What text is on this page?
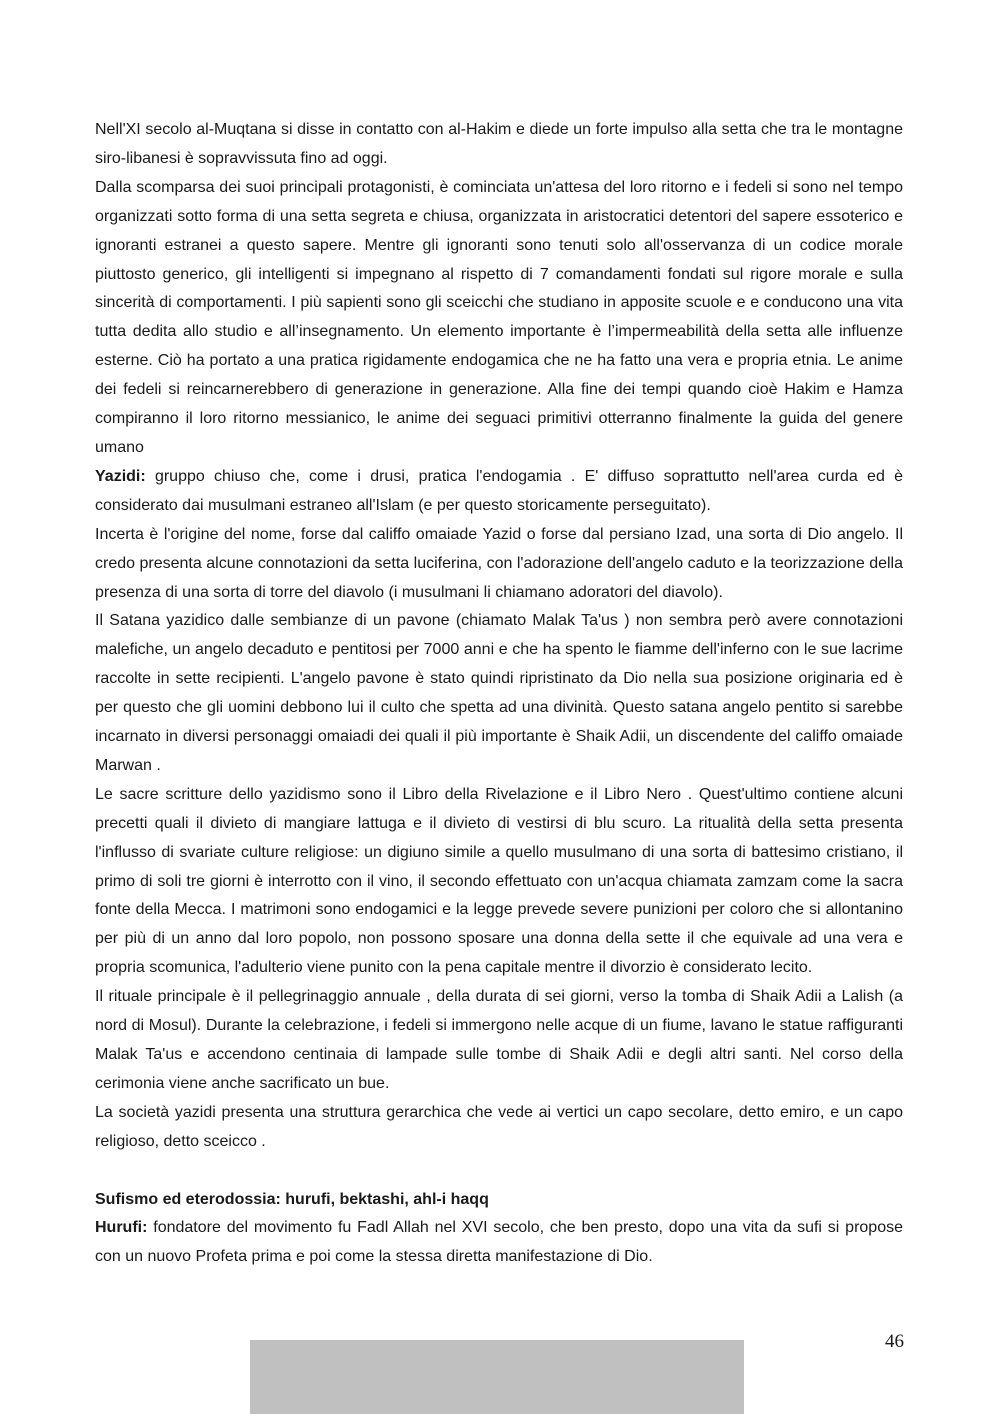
Nell'XI secolo al-Muqtana si disse in contatto con al-Hakim e diede un forte impulso alla setta che tra le montagne siro-libanesi è sopravvissuta fino ad oggi.

Dalla scomparsa dei suoi principali protagonisti, è cominciata un'attesa del loro ritorno e i fedeli si sono nel tempo organizzati sotto forma di una setta segreta e chiusa, organizzata in aristocratici detentori del sapere essoterico e ignoranti estranei a questo sapere. Mentre gli ignoranti sono tenuti solo all'osservanza di un codice morale piuttosto generico, gli intelligenti si impegnano al rispetto di 7 comandamenti fondati sul rigore morale e sulla sincerità di comportamenti. I più sapienti sono gli sceicchi che studiano in apposite scuole e e conducono una vita tutta dedita allo studio e all’insegnamento. Un elemento importante è l’impermeabilità della setta alle influenze esterne. Ciò ha portato a una pratica rigidamente endogamica che ne ha fatto una vera e propria etnia. Le anime dei fedeli si reincarnerebbero di generazione in generazione. Alla fine dei tempi quando cioè Hakim e Hamza compiranno il loro ritorno messianico, le anime dei seguaci primitivi otterranno finalmente la guida del genere umano

Yazidi: gruppo chiuso che, come i drusi, pratica l'endogamia . E' diffuso soprattutto nell'area curda ed è considerato dai musulmani estraneo all'Islam (e per questo storicamente perseguitato).

Incerta è l'origine del nome, forse dal califfo omaiade Yazid o forse dal persiano Izad, una sorta di Dio angelo. Il credo presenta alcune connotazioni da setta luciferina, con l'adorazione dell'angelo caduto e la teorizzazione della presenza di una sorta di torre del diavolo (i musulmani li chiamano adoratori del diavolo).

Il Satana yazidico dalle sembianze di un pavone (chiamato Malak Ta'us ) non sembra però avere connotazioni malefiche, un angelo decaduto e pentitosi per 7000 anni e che ha spento le fiamme dell'inferno con le sue lacrime raccolte in sette recipienti. L'angelo pavone è stato quindi ripristinato da Dio nella sua posizione originaria ed è per questo che gli uomini debbono lui il culto che spetta ad una divinità. Questo satana angelo pentito si sarebbe incarnato in diversi personaggi omaiadi dei quali il più importante è Shaik Adii, un discendente del califfo omaiade Marwan .

Le sacre scritture dello yazidismo sono il Libro della Rivelazione e il Libro Nero . Quest'ultimo contiene alcuni precetti quali il divieto di mangiare lattuga e il divieto di vestirsi di blu scuro. La ritualità della setta presenta l'influsso di svariate culture religiose: un digiuno simile a quello musulmano di una sorta di battesimo cristiano, il primo di soli tre giorni è interrotto con il vino, il secondo effettuato con un'acqua chiamata zamzam come la sacra fonte della Mecca. I matrimoni sono endogamici e la legge prevede severe punizioni per coloro che si allontanino per più di un anno dal loro popolo, non possono sposare una donna della sette il che equivale ad una vera e propria scomunica, l'adulterio viene punito con la pena capitale mentre il divorzio è considerato lecito.

Il rituale principale è il pellegrinaggio annuale , della durata di sei giorni, verso la tomba di Shaik Adii a Lalish (a nord di Mosul). Durante la celebrazione, i fedeli si immergono nelle acque di un fiume, lavano le statue raffiguranti Malak Ta'us e accendono centinaia di lampade sulle tombe di Shaik Adii e degli altri santi. Nel corso della cerimonia viene anche sacrificato un bue.

La società yazidi presenta una struttura gerarchica che vede ai vertici un capo secolare, detto emiro, e un capo religioso, detto sceicco .

Sufismo ed eterodossia: hurufi, bektashi, ahl-i haqq

Hurufi: fondatore del movimento fu Fadl Allah nel XVI secolo, che ben presto, dopo una vita da sufi si propose con un nuovo Profeta prima e poi come la stessa diretta manifestazione di Dio.

46
